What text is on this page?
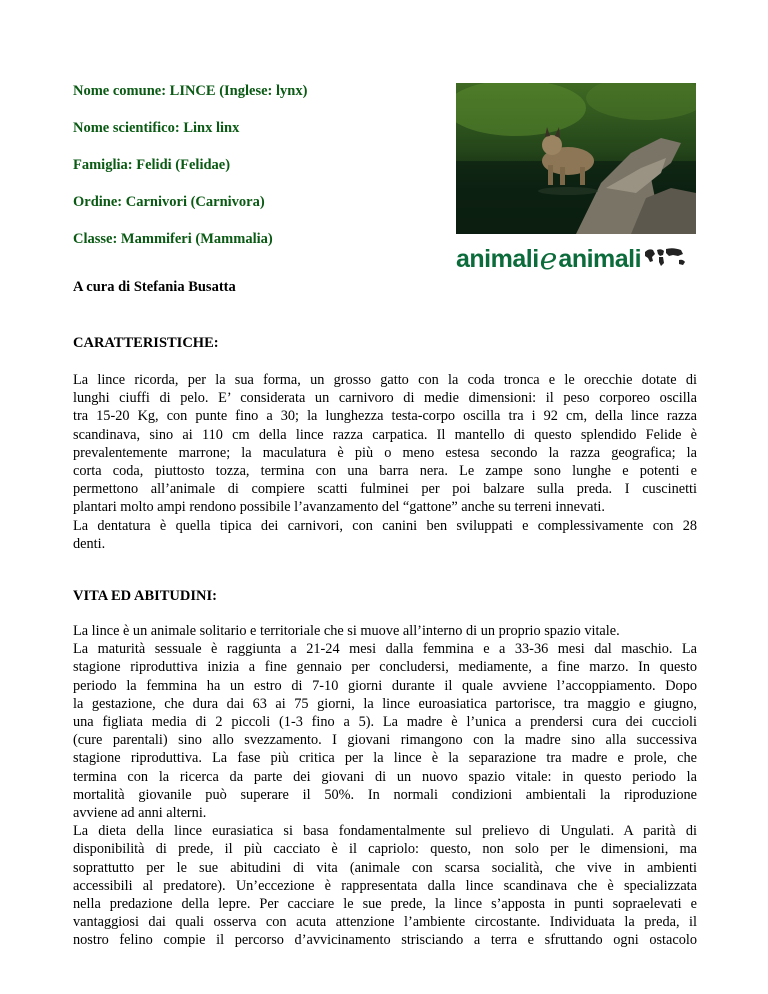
Nome comune: LINCE (Inglese: lynx)

Nome scientifico: Linx linx

Famiglia: Felidi (Felidae)

Ordine: Carnivori (Carnivora)

Classe: Mammiferi (Mammalia)

animali e animali

A cura di Stefania Busatta

CARATTERISTICHE:

La lince ricorda, per la sua forma, un grosso gatto con la coda tronca e le orecchie dotate di
lunghi ciuffi di pelo. E’ considerata un carnivoro di medie dimensioni: il peso corporeo oscilla
tra 15-20 Kg, con punte fino a 30; la lunghezza testa-corpo oscilla tra i 92 cm, della lince razza
scandinava, sino ai 110 cm della lince razza carpatica. Il mantello di questo splendido Felide è
prevalentemente marrone; la maculatura è più o meno estesa secondo la razza geografica; la
corta coda, piuttosto tozza, termina con una barra nera. Le zampe sono lunghe e potenti e
permettono all’animale di compiere scatti fulminei per poi balzare sulla preda. I cuscinetti
plantari molto ampi rendono possibile l’avanzamento del “gattone” anche su terreni innevati.
La dentatura è quella tipica dei carnivori, con canini ben sviluppati e complessivamente con 28
denti.

VITA ED ABITUDINI:

La lince è un animale solitario e territoriale che si muove all’interno di un proprio spazio vitale.
La maturità sessuale è raggiunta a 21-24 mesi dalla femmina e a 33-36 mesi dal maschio. La
stagione riproduttiva inizia a fine gennaio per concludersi, mediamente, a fine marzo. In questo
periodo la femmina ha un estro di 7-10 giorni durante il quale avviene l’accoppiamento. Dopo
la gestazione, che dura dai 63 ai 75 giorni, la lince euroasiatica partorisce, tra maggio e giugno,
una figliata media di 2 piccoli (1-3 fino a 5). La madre è l’unica a prendersi cura dei cuccioli
(cure parentali) sino allo svezzamento. I giovani rimangono con la madre sino alla successiva
stagione riproduttiva. La fase più critica per la lince è la separazione tra madre e prole, che
termina con la ricerca da parte dei giovani di un nuovo spazio vitale: in questo periodo la
mortalità giovanile può superare il 50%. In normali condizioni ambientali la riproduzione
avviene ad anni alterni.
La dieta della lince eurasiatica si basa fondamentalmente sul prelievo di Ungulati. A parità di
disponibilità di prede, il più cacciato è il capriolo: questo, non solo per le dimensioni, ma
soprattutto per le sue abitudini di vita (animale con scarsa socialità, che vive in ambienti
accessibili al predatore). Un’eccezione è rappresentata dalla lince scandinava che è specializzata
nella predazione della lepre. Per cacciare le sue prede, la lince s’apposta in punti sopraelevati e
vantaggiosi dai quali osserva con acuta attenzione l’ambiente circostante. Individuata la preda, il
nostro felino compie il percorso d’avvicinamento strisciando a terra e sfruttando ogni ostacolo
